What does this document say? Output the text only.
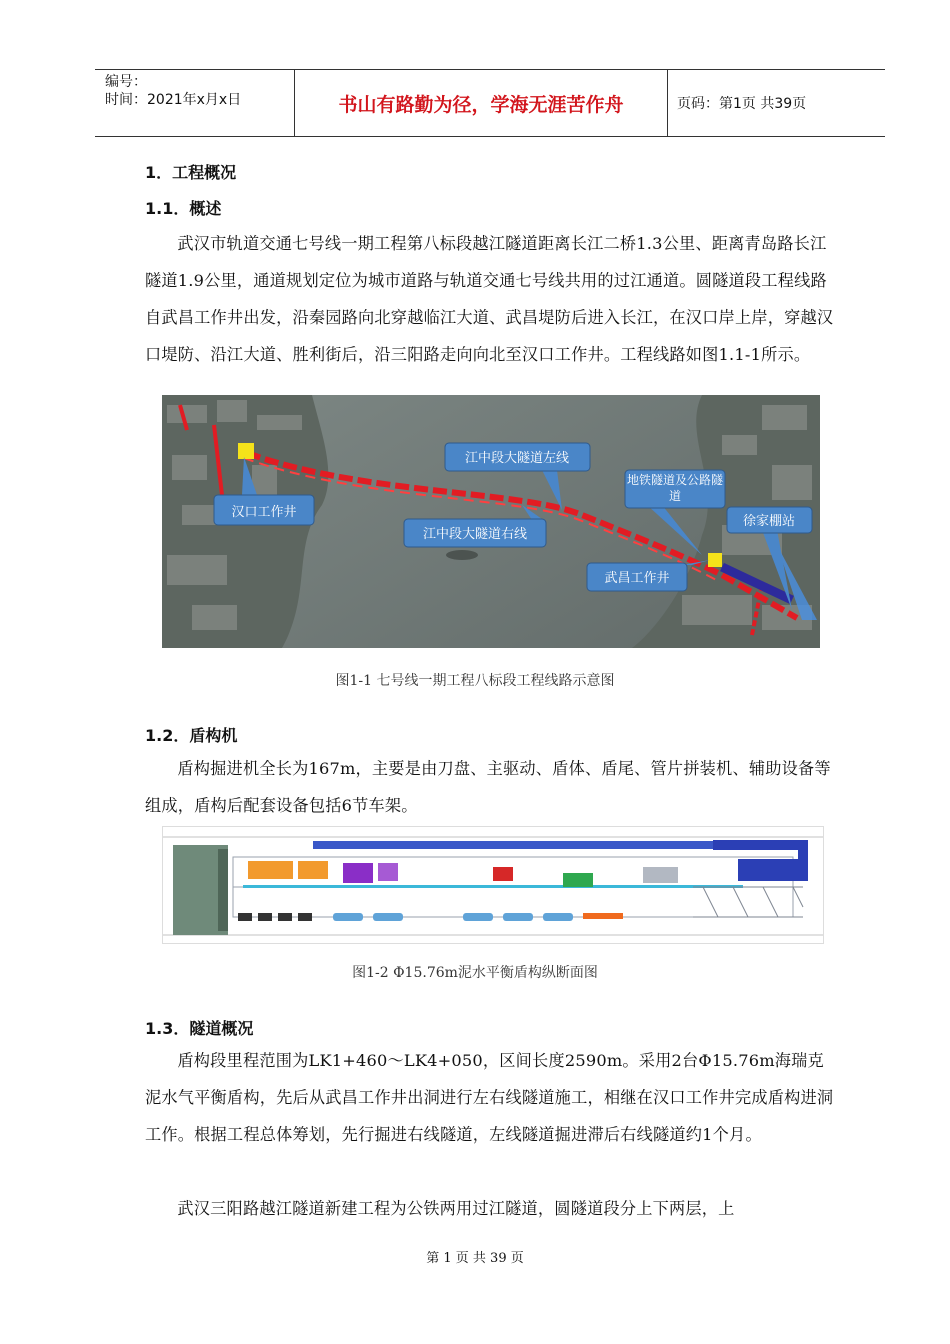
编号：
时间：2021年x月x日	书山有路勤为径，学海无涯苦作舟	页码：第1页 共39页
1．工程概况
1.1．概述

武汉市轨道交通七号线一期工程第八标段越江隧道距离长江二桥1.3公里、距离青岛路长江隧道1.9公里，通道规划定位为城市道路与轨道交通七号线共用的过江通道。圆隧道段工程线路自武昌工作井出发，沿秦园路向北穿越临江大道、武昌堤防后进入长江，在汉口岸上岸，穿越汉口堤防、沿江大道、胜利街后，沿三阳路走向向北至汉口工作井。工程线路如图1.1-1所示。

汉口工作井
江中段大隧道左线
江中段大隧道右线
地铁隧道及公路隧道
武昌工作井
徐家棚站
图1-1 七号线一期工程八标段工程线路示意图
1.2．盾构机

盾构掘进机全长为167m，主要是由刀盘、主驱动、盾体、盾尾、管片拼装机、辅助设备等组成，盾构后配套设备包括6节车架。

图1-2 Φ15.76m泥水平衡盾构纵断面图
1.3．隧道概况

盾构段里程范围为LK1+460～LK4+050，区间长度2590m。采用2台Φ15.76m海瑞克泥水气平衡盾构，先后从武昌工作井出洞进行左右线隧道施工，相继在汉口工作井完成盾构进洞工作。根据工程总体筹划，先行掘进右线隧道，左线隧道掘进滞后右线隧道约1个月。

武汉三阳路越江隧道新建工程为公铁两用过江隧道，圆隧道段分上下两层，上

第 1 页 共 39 页
